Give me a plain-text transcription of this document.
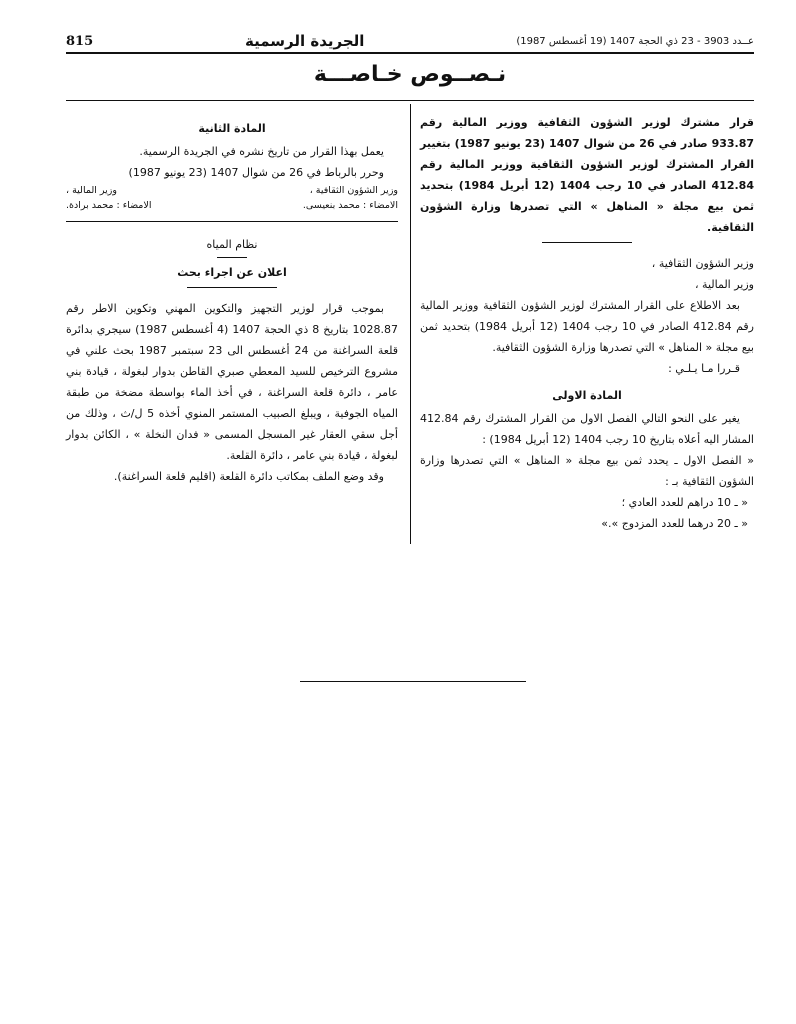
815	الجريدة الرسمية	عــدد 3903 - 23 ذي الحجة 1407 (19 أغسطس 1987)
نـصــوص خـاصـــة

قرار مشترك لوزير الشؤون الثقافية ووزير المالية رقم 933.87 صادر في 26 من شوال 1407 (23 يونيو 1987) بتغيير القرار المشترك لوزير الشؤون الثقافية ووزير المالية رقم 412.84 الصادر في 10 رجب 1404 (12 أبريل 1984) بتحديد ثمن بيع مجلة « المناهل » التي تصدرها وزارة الشؤون الثقافية.

وزير الشؤون الثقافية ،

وزير المالية ،

بعد الاطلاع على القرار المشترك لوزير الشؤون الثقافية ووزير المالية رقم 412.84 الصادر في 10 رجب 1404 (12 أبريل 1984) بتحديد ثمن بيع مجلة « المناهل » التي تصدرها وزارة الشؤون الثقافية.

قـررا مـا يـلـي :

المادة الاولى

يغير على النحو التالي الفصل الاول من القرار المشترك رقم 412.84 المشار اليه أعلاه بتاريخ 10 رجب 1404 (12 أبريل 1984) :

« الفصل الاول ـ يحدد ثمن بيع مجلة « المناهل » التي تصدرها وزارة الشؤون الثقافية بـ :

« ـ 10 دراهم للعدد العادي ؛

« ـ 20 درهما للعدد المزدوج ».»

المادة الثانية

يعمل بهذا القرار من تاريخ نشره في الجريدة الرسمية.

وحرر بالرباط في 26 من شوال 1407 (23 يونيو 1987)

وزير الشؤون الثقافية ،
وزير المالية ،
الامضاء : محمد بنعيسى.
الامضاء : محمد برادة.

نظام المياه

اعلان عن اجراء بحث

بموجب قرار لوزير التجهيز والتكوين المهني وتكوين الاطر رقم 1028.87 بتاريخ 8 ذي الحجة 1407 (4 أغسطس 1987) سيجري بدائرة قلعة السراغنة من 24 أغسطس الى 23 سبتمبر 1987 بحث علني في مشروع الترخيص للسيد المعطي صبري القاطن بدوار لبغولة ، قيادة بني عامر ، دائرة قلعة السراغنة ، في أخذ الماء بواسطة مضخة من طبقة المياه الجوفية ، ويبلغ الصبيب المستمر المنوي أخذه 5 ل/ث ، وذلك من أجل سقي العقار غير المسجل المسمى « فدان النخلة » ، الكائن بدوار لبغولة ، قيادة بني عامر ، دائرة القلعة.

وقد وضع الملف بمكاتب دائرة القلعة (اقليم قلعة السراغنة).
